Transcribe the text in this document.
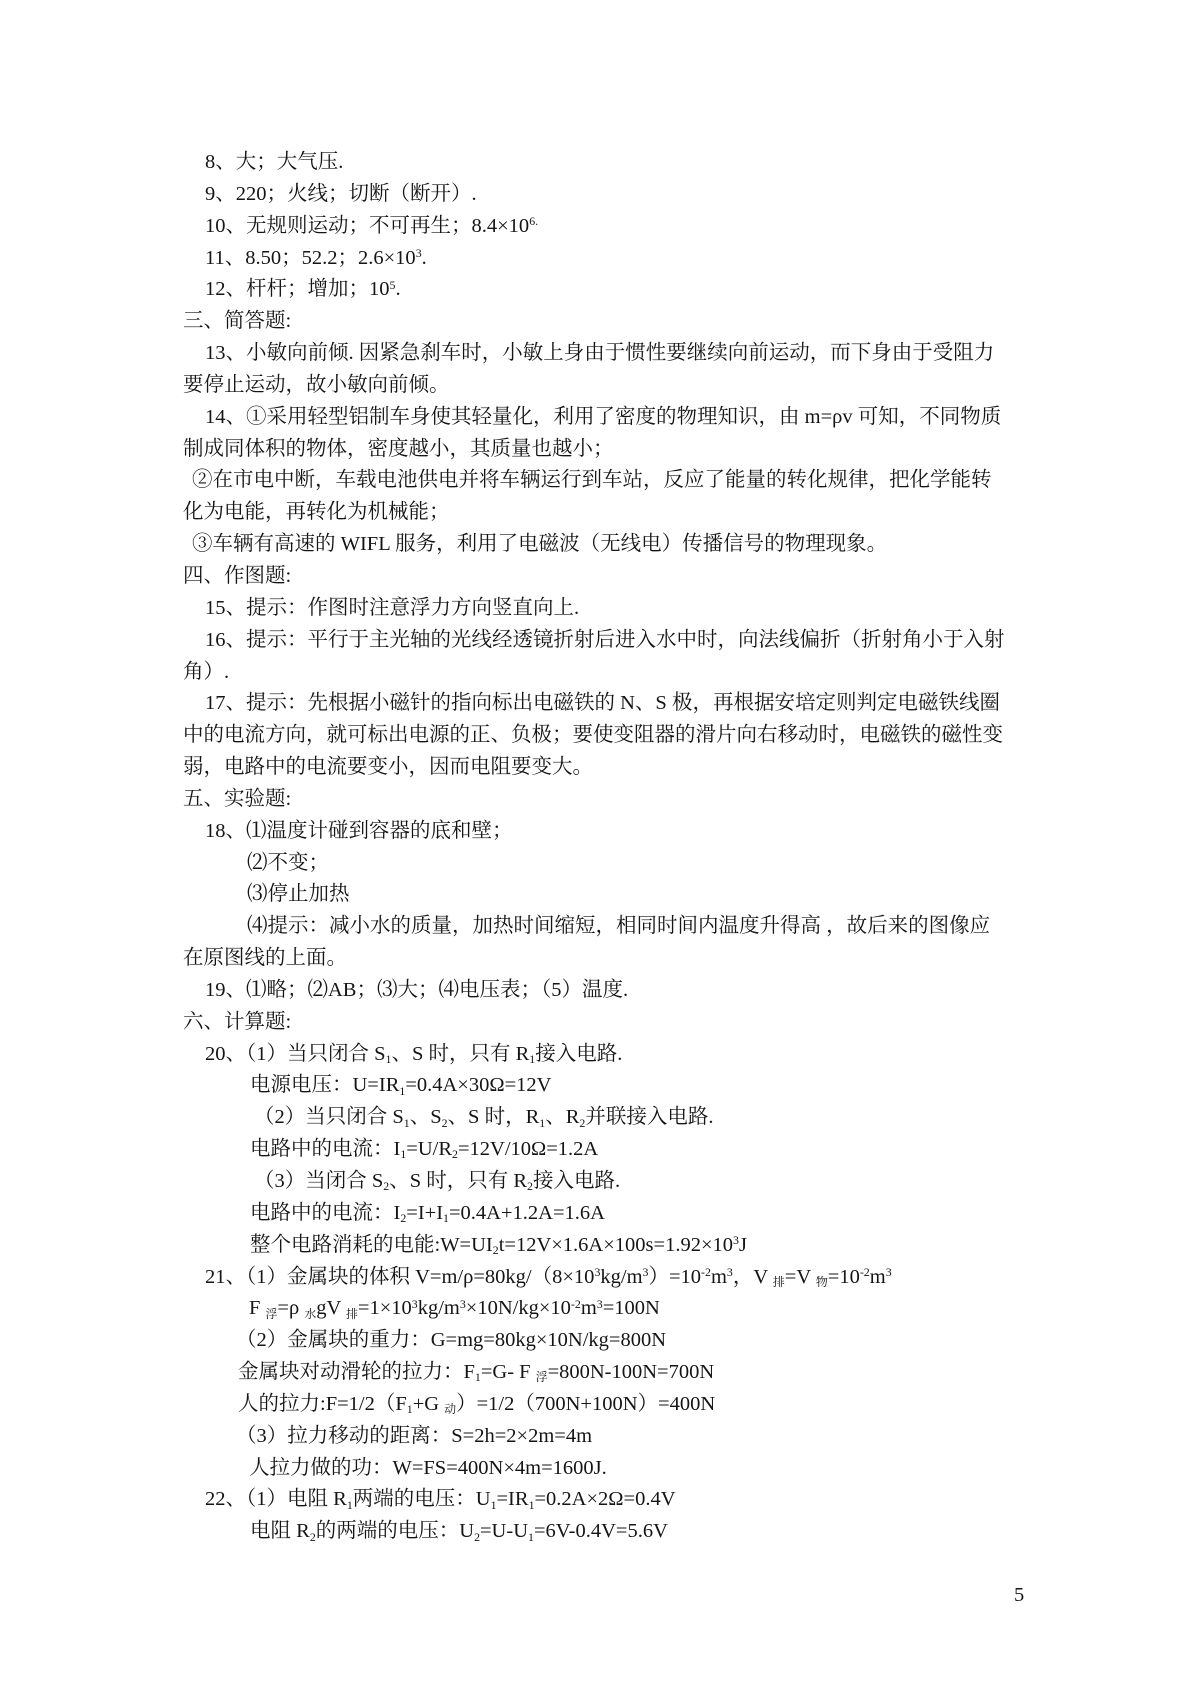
8、大；大气压.
9、220；火线；切断（断开）.
10、无规则运动；不可再生；$8.4\times 10^{6.}$
11、8.50；52.2；$2.6\times 10^3$.
12、杆杆；增加；$10^5$.
三、简答题:
13、小敏向前倾. 因紧急刹车时，小敏上身由于惯性要继续向前运动，而下身由于受阻力
要停止运动，故小敏向前倾。
14、①采用轻型铝制车身使其轻量化，利用了密度的物理知识，由 m=ρv 可知，不同物质
制成同体积的物体，密度越小，其质量也越小；
②在市电中断，车载电池供电并将车辆运行到车站，反应了能量的转化规律，把化学能转
化为电能，再转化为机械能；
③车辆有高速的 WIFL 服务，利用了电磁波（无线电）传播信号的物理现象。
四、作图题:
15、提示：作图时注意浮力方向竖直向上.
16、提示：平行于主光轴的光线经透镜折射后进入水中时，向法线偏折（折射角小于入射
角）.
17、提示：先根据小磁针的指向标出电磁铁的 N、S 极，再根据安培定则判定电磁铁线圈
中的电流方向，就可标出电源的正、负极；要使变阻器的滑片向右移动时，电磁铁的磁性变
弱，电路中的电流要变小，因而电阻要变大。
五、实验题:
18、⑴温度计碰到容器的底和壁；
⑵不变；
⑶停止加热
⑷提示：减小水的质量，加热时间缩短，相同时间内温度升得高 ，故后来的图像应
在原图线的上面。
19、⑴略；⑵AB；⑶大；⑷电压表；（5）温度.
六、计算题:
20、（1）当只闭合 $S_1$、S 时，只有 $R_1$接入电路.
电源电压：$U=IR_1=0.4A\times 30\Omega=12V$
（2）当只闭合 $S_1$、$S_2$、S 时，$R_1$、$R_2$并联接入电路.
电路中的电流：$I_1=U/R_2=12V/10\Omega=1.2A$
（3）当闭合 $S_2$、S 时，只有 $R_2$接入电路.
电路中的电流：$I_2=I+I_1=0.4A+1.2A=1.6A$
整个电路消耗的电能$:W=UI_2t=12V\times 1.6A\times 100s=1.92\times 10^3J$
21、（1）金属块的体积 $V=m/\rho=80kg/(8\times 10^3kg/m^3)=10^{-2}m^3$，V $_排$=V $_物=10^{-2}m^3$
F $_浮$=ρ $_水$gV $_排=1\times 10^3kg/m^3\times 10N/kg\times 10^{-2}m^3=100N$
（2）金属块的重力：G=mg=80kg×10N/kg=800N
金属块对动滑轮的拉力：$F_1=G-$ F $_浮$=800N-100N=700N
人的拉力$:F=1/2(F_1+G$ $_动$）=1/2（700N+100N）=400N
（3）拉力移动的距离：S=2h=2×2m=4m
人拉力做的功：W=FS=400N×4m=1600J.
22、（1）电阻 $R_1$两端的电压：$U_1=IR_1=0.2A\times 2\Omega=0.4V$
电阻 $R_2$的两端的电压：$U_2=U-U_1=6V-0.4V=5.6V$
5
